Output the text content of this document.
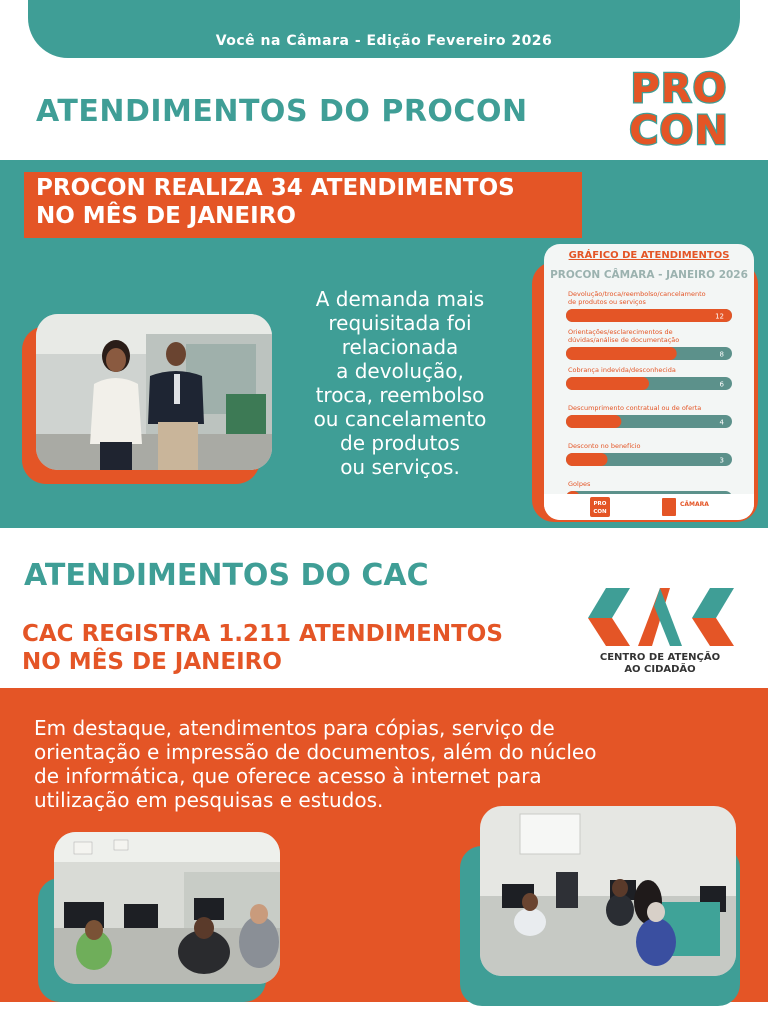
Você na Câmara - Edição Fevereiro 2026
ATENDIMENTOS DO PROCON	PRO
CON
PROCON REALIZA 34 ATENDIMENTOS
NO MÊS DE JANEIRO
A demanda mais
requisitada foi
relacionada
a devolução,
troca, reembolso
ou cancelamento
de produtos
ou serviços.
Devolução/troca/reembolso/cancelamento
de produtos ou serviços
12
Orientações/esclarecimentos de
dúvidas/análise de documentação
8
Cobrança indevida/desconhecida
6
Descumprimento contratual ou de oferta
4
Desconto no benefício
3
Golpes
GRÁFICO DE ATENDIMENTOS
PROCON CÂMARA - JANEIRO 2026
PRO
CON
CÂMARA
ATENDIMENTOS DO CAC
CAC REGISTRA 1.211 ATENDIMENTOS
NO MÊS DE JANEIRO	CENTRO DE ATENÇÃO
AO CIDADÃO
Em destaque, atendimentos para cópias, serviço de
orientação e impressão de documentos, além do núcleo
de informática, que oferece acesso à internet para
utilização em pesquisas e estudos.
